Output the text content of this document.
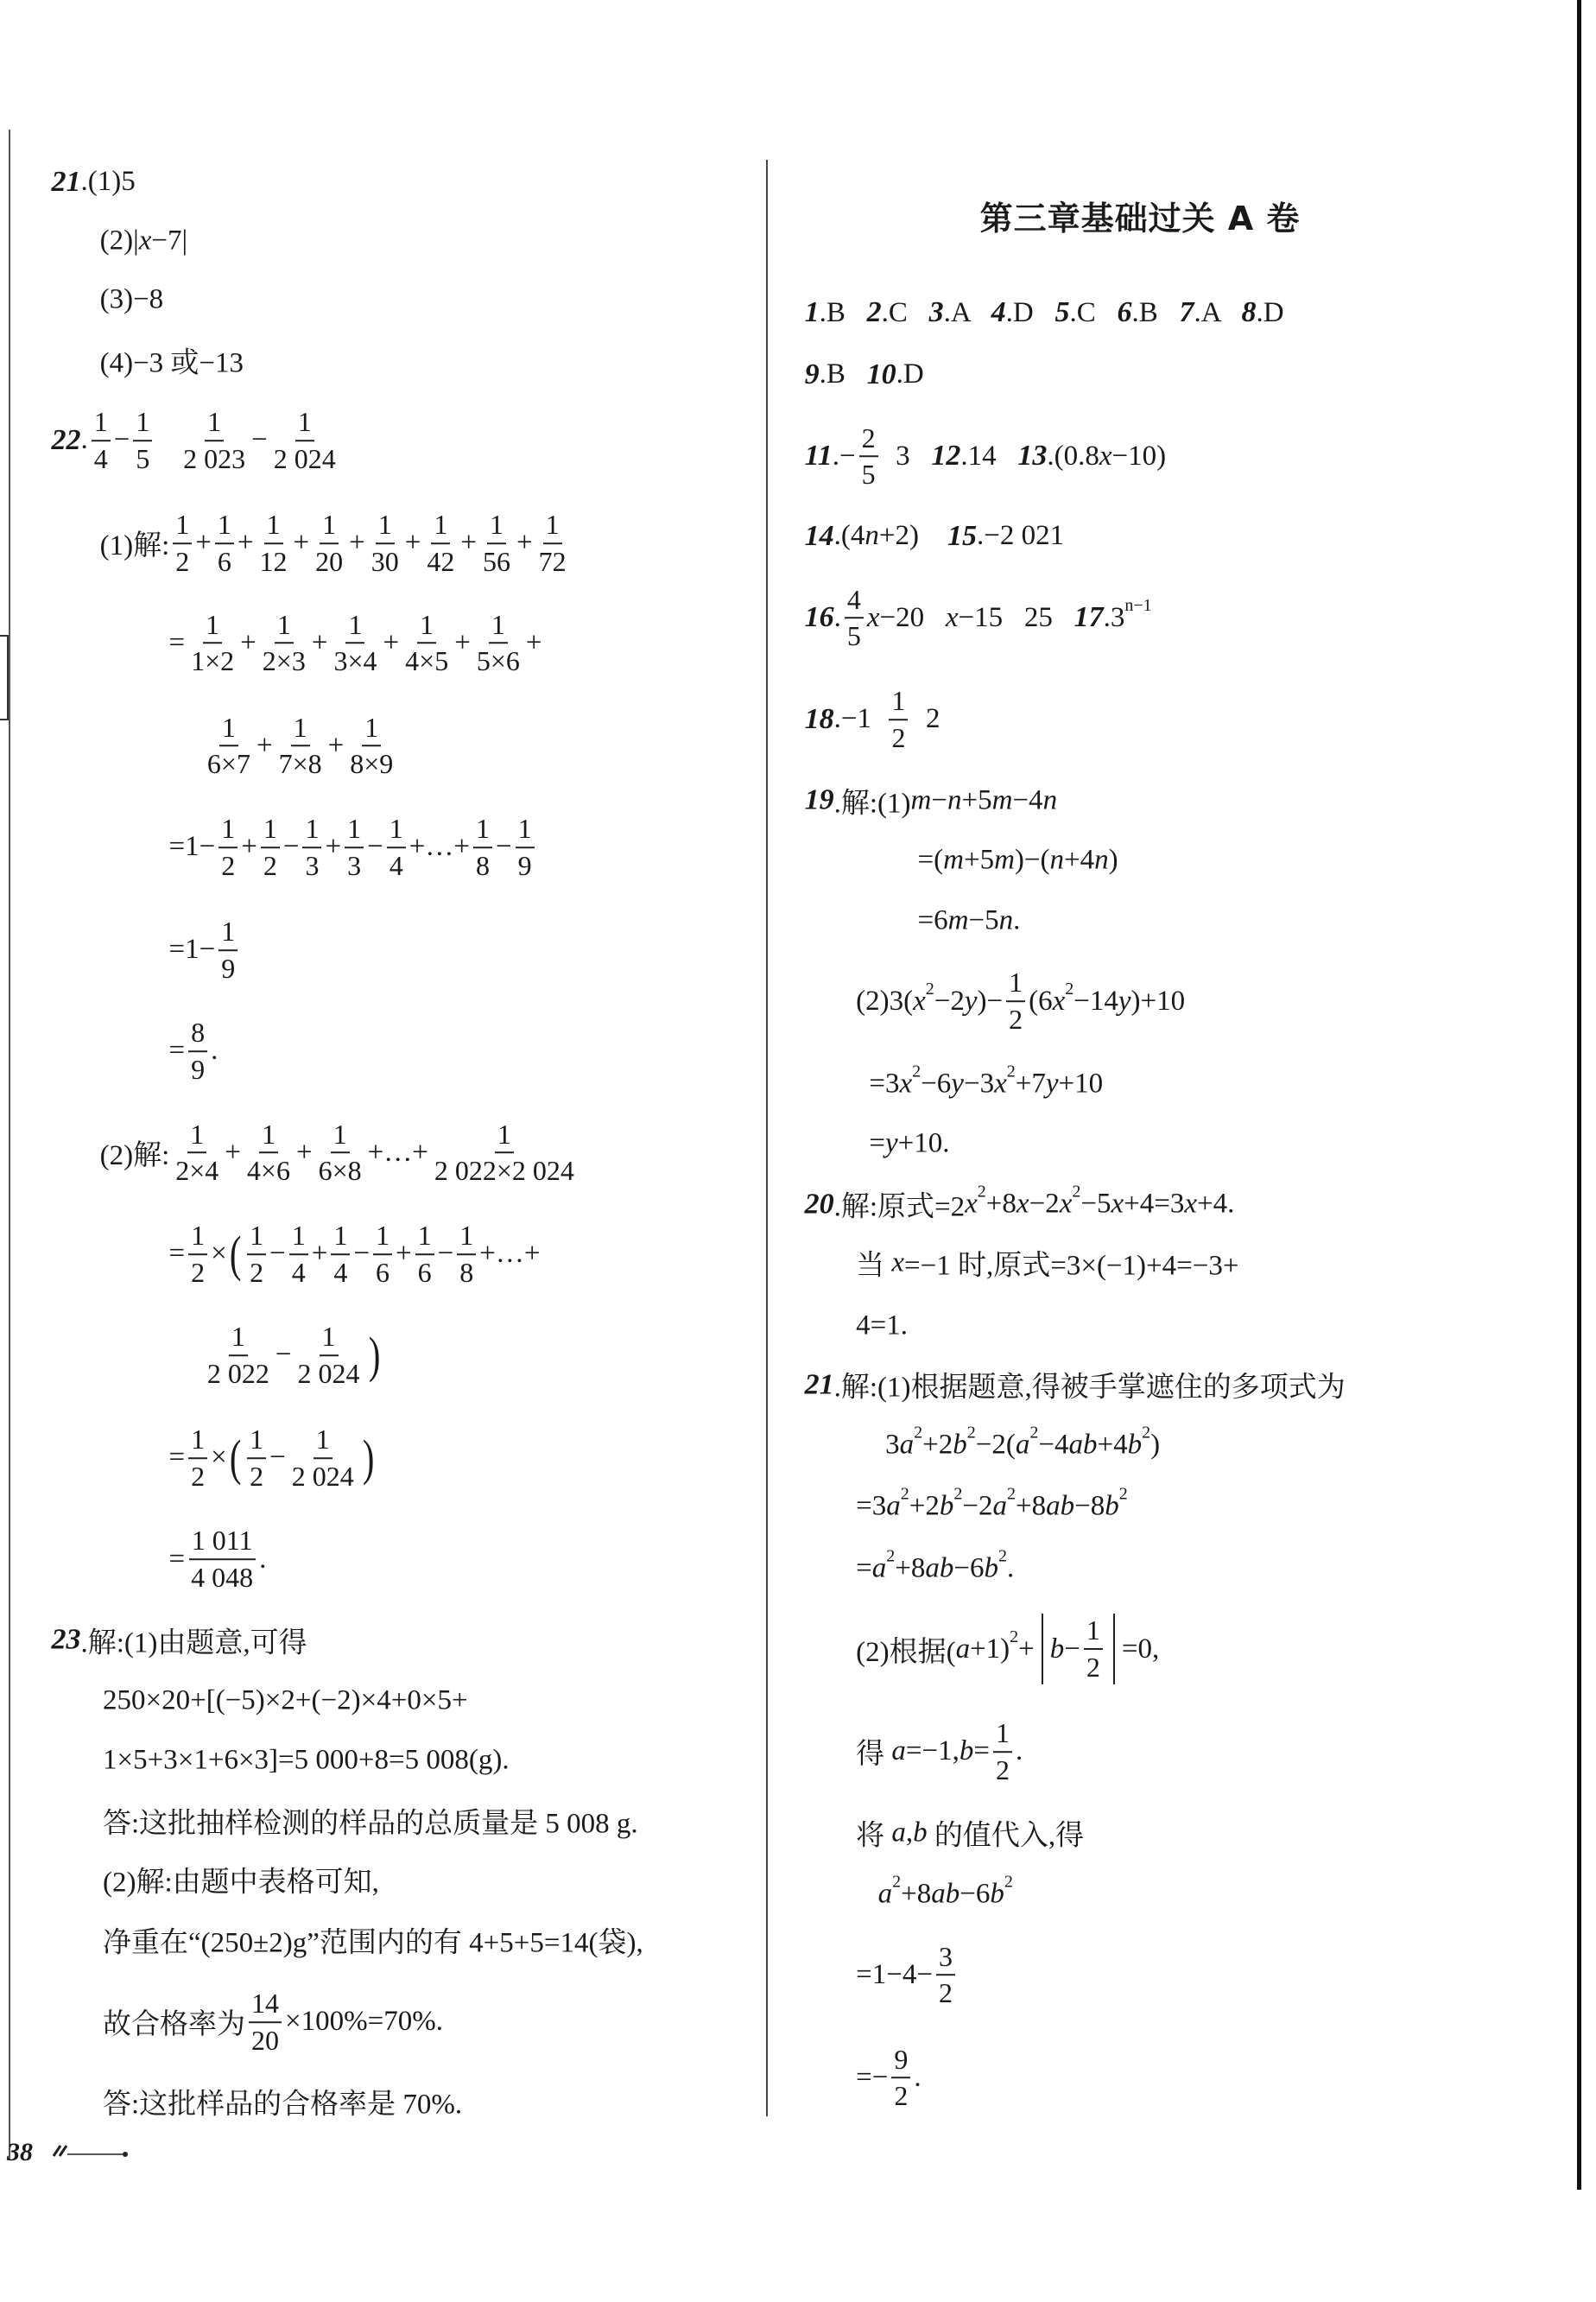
第三章基础过关 A 卷
21 .(1)5
(2)| x −7|
(3)−8
(4)−3 或−13
22 . $\frac{1}{4} - \frac{1}{5}$
$\frac{1}{2 023} - \frac{1}{2 024}$
(1)解: $\frac{1}{2} + \frac{1}{6} + \frac{1}{12} + \frac{1}{20} + \frac{1}{30} + \frac{1}{42} + \frac{1}{56} + \frac{1}{72}$
= $\frac{1}{1\times 2} + \frac{1}{2\times 3} + \frac{1}{3\times 4} + \frac{1}{4\times 5} + \frac{1}{5\times 6}$ +
$\frac{1}{6\times 7} + \frac{1}{7\times 8} + \frac{1}{8\times 9}$
$=1- \frac{1}{2} + \frac{1}{2} - \frac{1}{3} + \frac{1}{3} - \frac{1}{4}$ +…+ $\frac{1}{8} - \frac{1}{9}$
$=1- \frac{1}{9}$
= $\frac{8}{9}$ .
(2)解: $\frac{1}{2\times 4} + \frac{1}{4\times 6} + \frac{1}{6\times 8}$ +…+ $\frac{1}{2 022\times 2 024}$
= $\frac{1}{2}$ × ( $\frac{1}{2} - \frac{1}{4} + \frac{1}{4} - \frac{1}{6} + \frac{1}{6} - \frac{1}{8}$ +…+
$\frac{1}{2 022} - \frac{1}{2 024}$ )
= $\frac{1}{2}$ × ( $\frac{1}{2} - \frac{1}{2 024}$ )
= $\frac{1 011}{4 048}$ .
23 .解:(1)由题意,可得
250×20+[(−5)×2+(−2)×4+0×5+
1×5+3×1+6×3]=5 000+8=5 008(g).
答:这批抽样检测的样品的总质量是 5 008 g.
(2)解:由题中表格可知,
净重在“(250±2)g”范围内的有 4+5+5=14(袋),
故合格率为 $\frac{14}{20} \times 100\%=70\%$.
答:这批样品的合格率是 70%.
1 .B 2 .C 3 .A 4 .D 5 .C 6 .B 7 .A 8 .D
9 .B 10 .D
11 .− $\frac{2}{5} 3$ 12 .14 13 .(0.8 x −10)
14 .(4 n +2) 15 .−2 021
16 . $\frac{4}{5}$ x −20 x −15   25 17 .3 n−1
18 $.-1 \frac{1}{2} 2$
19 .解:(1) m − n +5 m −4 n
=( m +5 m )−( n +4 n )
=6 m −5 n .
(2)3( x 2 −2 y )− $\frac{1}{2} (6$ x 2 −14 y )+10
=3 x 2 −6 y −3 x 2 +7 y +10
= y +10.
20 .解:原式=2 x 2 +8 x −2 x 2 −5 x +4=3 x +4.
当 x =−1 时,原式=3×(−1)+4=−3+
4=1.
21 .解:(1)根据题意,得被手掌遮住的多项式为
3 a 2 +2 b 2 −2( a 2 −4 ab +4 b 2 )
=3 a 2 +2 b 2 −2 a 2 +8 ab −8 b 2
= a 2 +8 ab −6 b 2 .
(2)根据( a +1) $2 + b - \frac{1}{2} =0$,
得 a =−1, $b = \frac{1}{2}$ .
将 a , b 的值代入,得
a 2 +8 ab −6 b 2
$=1-4- \frac{3}{2}$
=− $\frac{9}{2}$ .
38
